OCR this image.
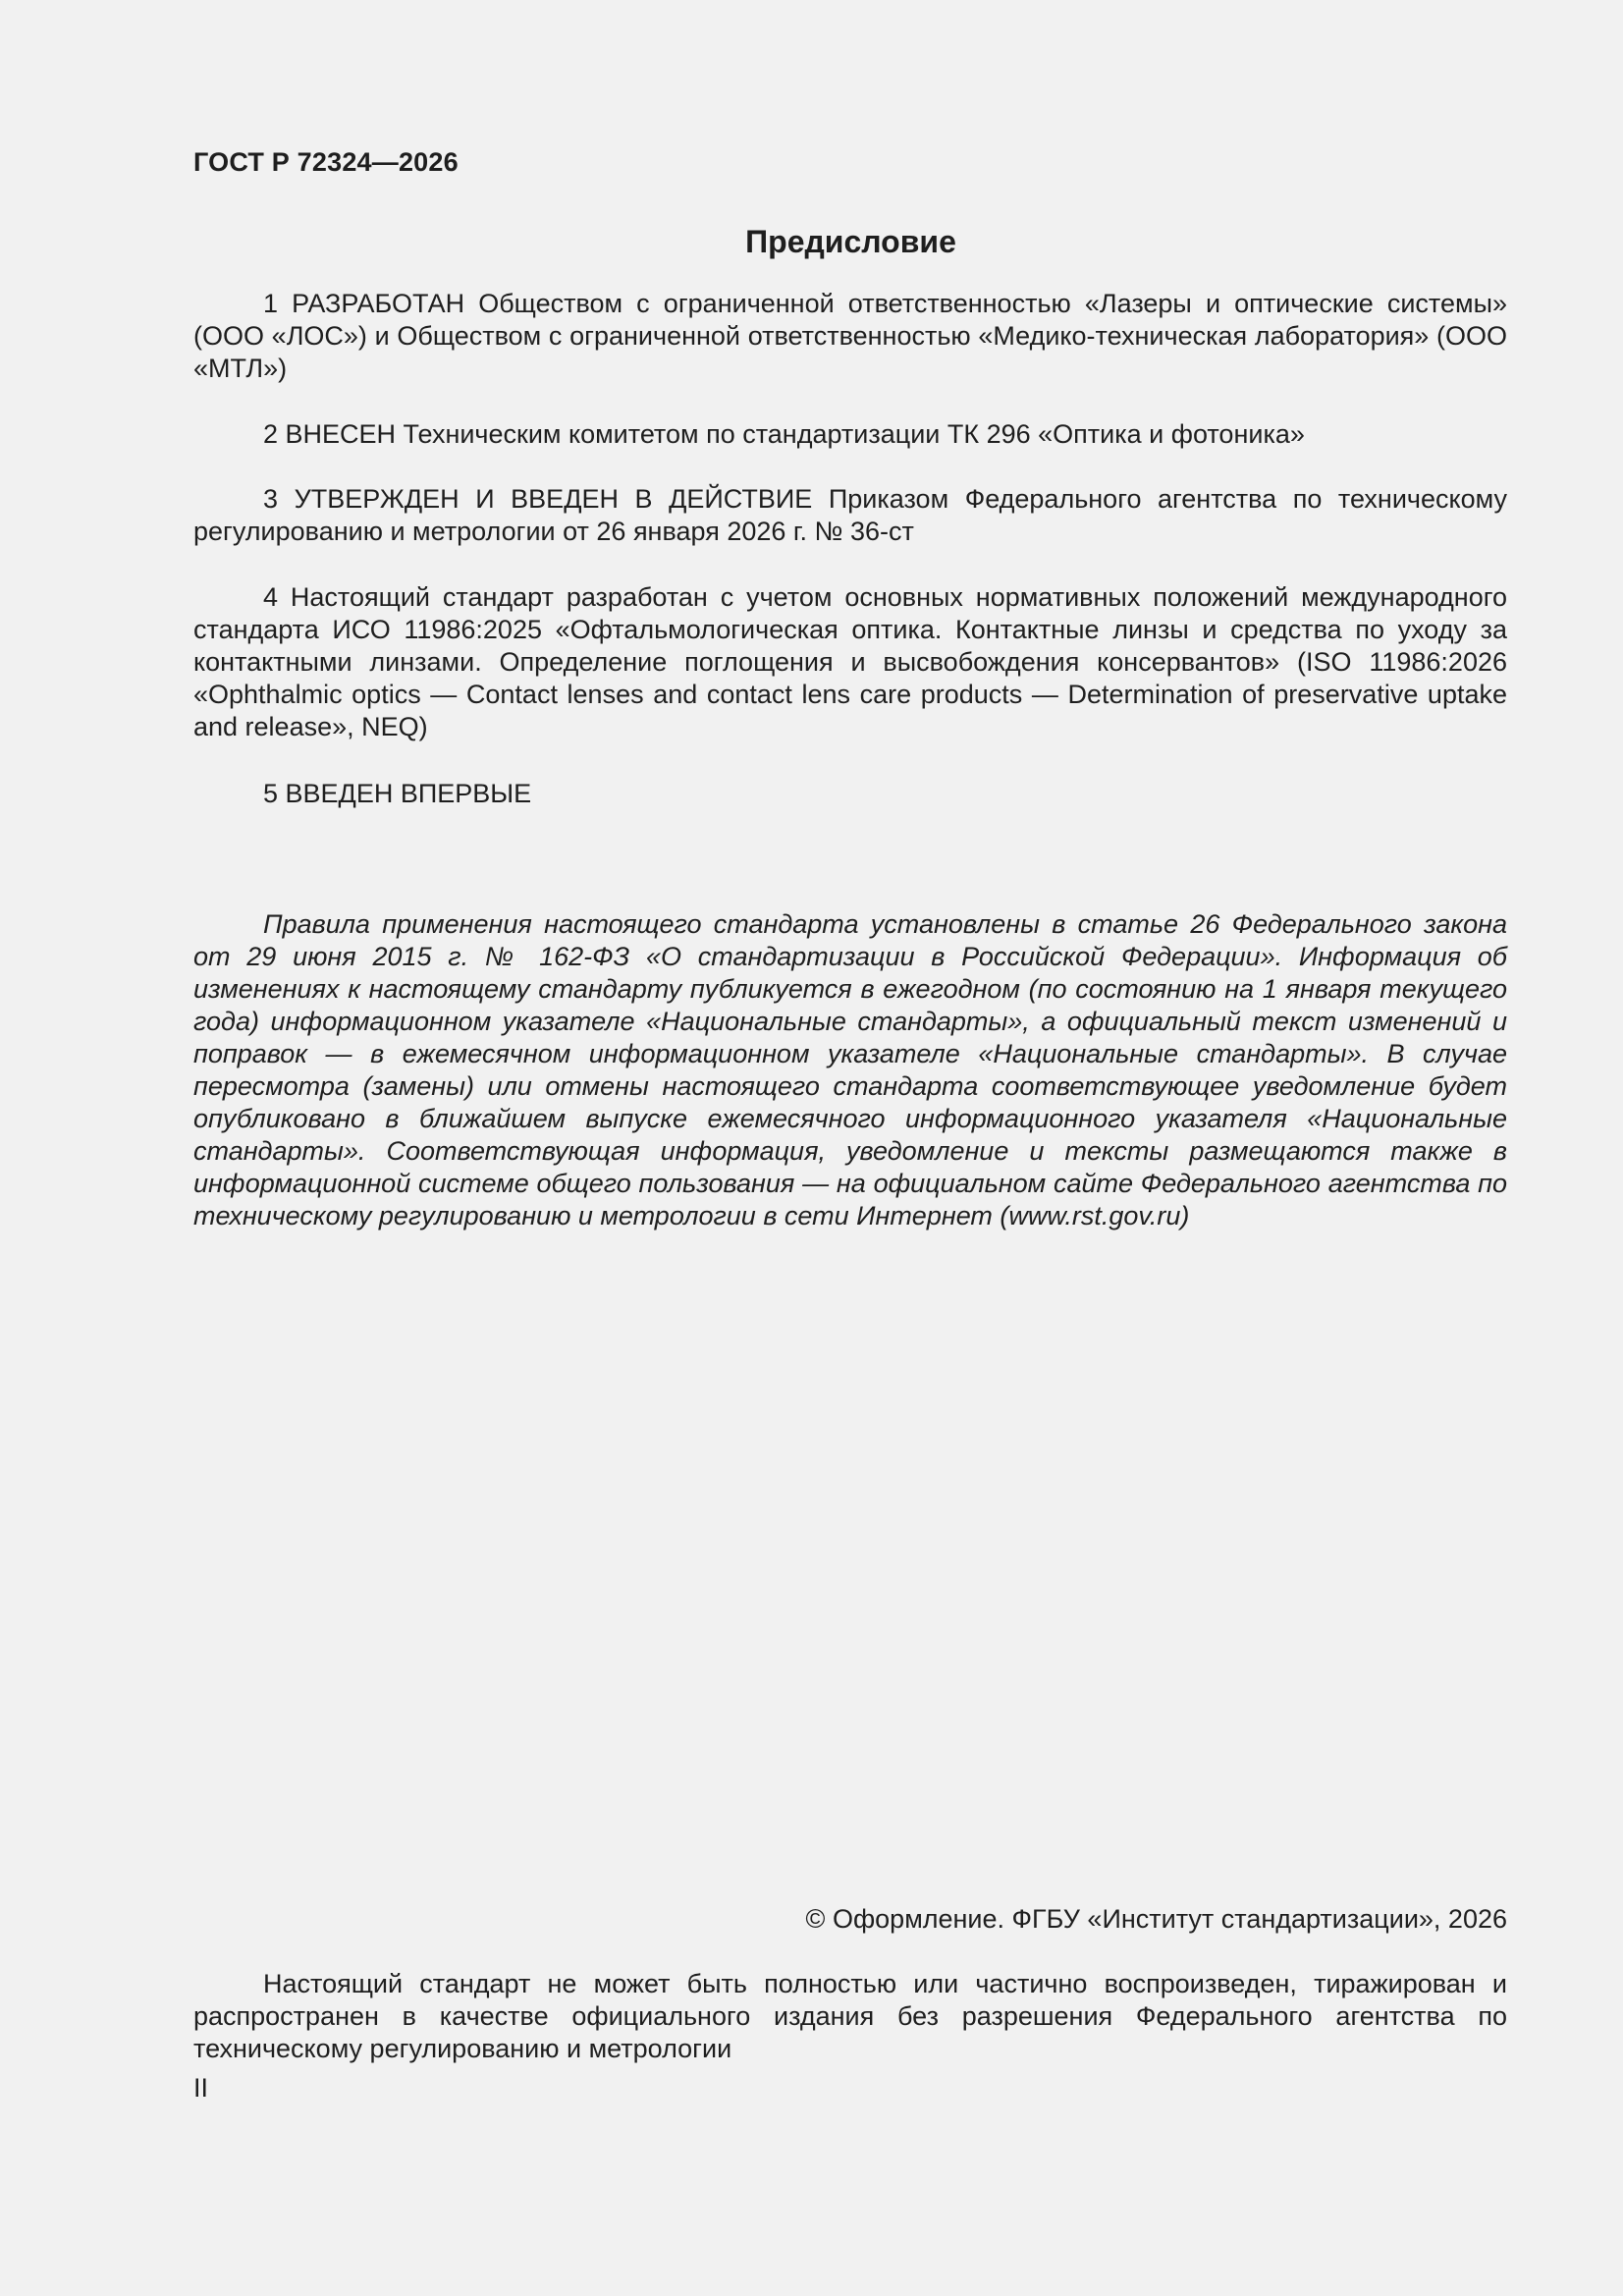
ГОСТ Р 72324—2026
Предисловие

1 РАЗРАБОТАН Обществом с ограниченной ответственностью «Лазеры и оптические системы» (ООО «ЛОС») и Обществом с ограниченной ответственностью «Медико-техническая лаборатория» (ООО «МТЛ»)

2 ВНЕСЕН Техническим комитетом по стандартизации ТК 296 «Оптика и фотоника»

3 УТВЕРЖДЕН И ВВЕДЕН В ДЕЙСТВИЕ Приказом Федерального агентства по техническому регулированию и метрологии от 26 января 2026 г. № 36-ст

4 Настоящий стандарт разработан с учетом основных нормативных положений международного стандарта ИСО 11986:2025 «Офтальмологическая оптика. Контактные линзы и средства по уходу за контактными линзами. Определение поглощения и высвобождения консервантов» (ISO 11986:2026 «Ophthalmic optics — Contact lenses and contact lens care products — Determination of preservative uptake and release», NEQ)

5 ВВЕДЕН ВПЕРВЫЕ

Правила применения настоящего стандарта установлены в статье 26 Федерального закона от 29 июня 2015 г. № 162-ФЗ «О стандартизации в Российской Федерации». Информация об изменениях к настоящему стандарту публикуется в ежегодном (по состоянию на 1 января текущего года) информационном указателе «Национальные стандарты», а официальный текст изменений и поправок — в ежемесячном информационном указателе «Национальные стандарты». В случае пересмотра (замены) или отмены настоящего стандарта соответствующее уведомление будет опубликовано в ближайшем выпуске ежемесячного информационного указателя «Национальные стандарты». Соответствующая информация, уведомление и тексты размещаются также в информационной системе общего пользования — на официальном сайте Федерального агентства по техническому регулированию и метрологии в сети Интернет (www.rst.gov.ru)

© Оформление. ФГБУ «Институт стандартизации», 2026

Настоящий стандарт не может быть полностью или частично воспроизведен, тиражирован и распространен в качестве официального издания без разрешения Федерального агентства по техническому регулированию и метрологии

II
